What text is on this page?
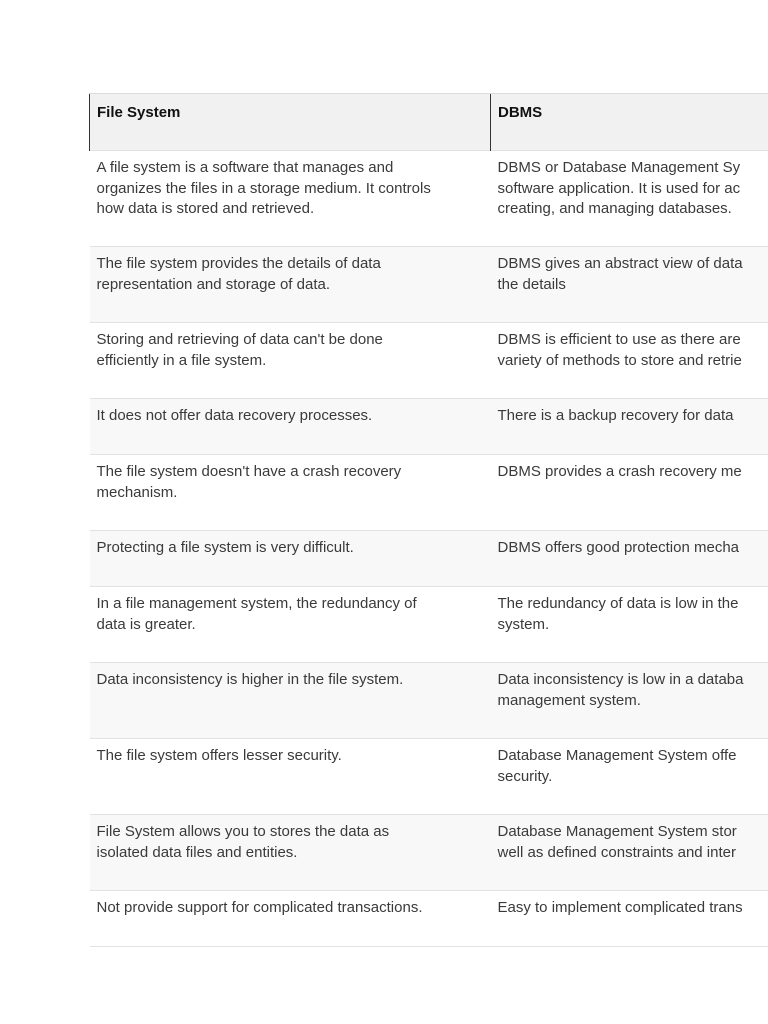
File System	DBMS

A file system is a software that manages and
organizes the files in a storage medium. It controls
how data is stored and retrieved.	DBMS or Database Management Sy
software application. It is used for ac
creating, and managing databases.
The file system provides the details of data
representation and storage of data.	DBMS gives an abstract view of data
the details
Storing and retrieving of data can't be done
efficiently in a file system.	DBMS is efficient to use as there are
variety of methods to store and retrie
It does not offer data recovery processes.	There is a backup recovery for data
The file system doesn't have a crash recovery
mechanism.	DBMS provides a crash recovery me
Protecting a file system is very difficult.	DBMS offers good protection mecha
In a file management system, the redundancy of
data is greater.	The redundancy of data is low in the
system.
Data inconsistency is higher in the file system.	Data inconsistency is low in a databa
management system.
The file system offers lesser security.	Database Management System offe
security.
File System allows you to stores the data as
isolated data files and entities.	Database Management System stor
well as defined constraints and inter
Not provide support for complicated transactions.	Easy to implement complicated trans
